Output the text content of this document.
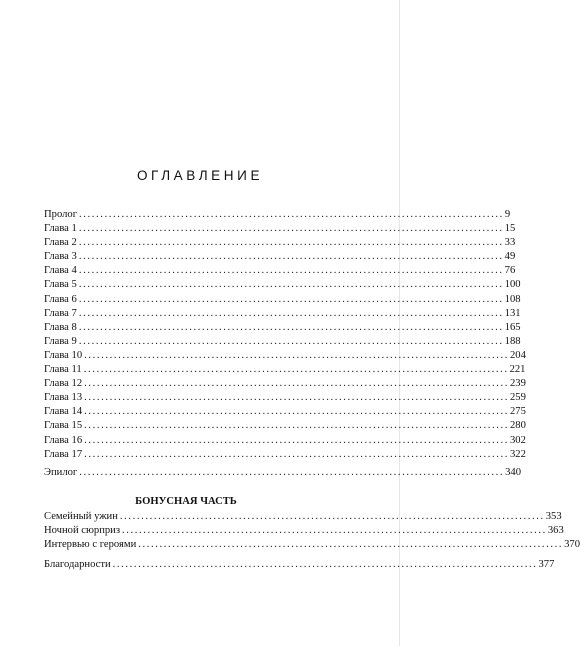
ОГЛАВЛЕНИЕ
Пролог .................................................................................................... 9
Глава 1 .................................................................................................... 15
Глава 2 .................................................................................................... 33
Глава 3 .................................................................................................... 49
Глава 4 .................................................................................................... 76
Глава 5 .................................................................................................... 100
Глава 6 .................................................................................................... 108
Глава 7 .................................................................................................... 131
Глава 8 .................................................................................................... 165
Глава 9 .................................................................................................... 188
Глава 10 .................................................................................................... 204
Глава 11 .................................................................................................... 221
Глава 12 .................................................................................................... 239
Глава 13 .................................................................................................... 259
Глава 14 .................................................................................................... 275
Глава 15 .................................................................................................... 280
Глава 16 .................................................................................................... 302
Глава 17 .................................................................................................... 322
Эпилог .................................................................................................... 340
БОНУСНАЯ ЧАСТЬ
Благодарности .................................................................................................... 377
Семейный ужин .................................................................................................... 353
Ночной сюрприз .................................................................................................... 363
Интервью с героями .................................................................................................... 370
